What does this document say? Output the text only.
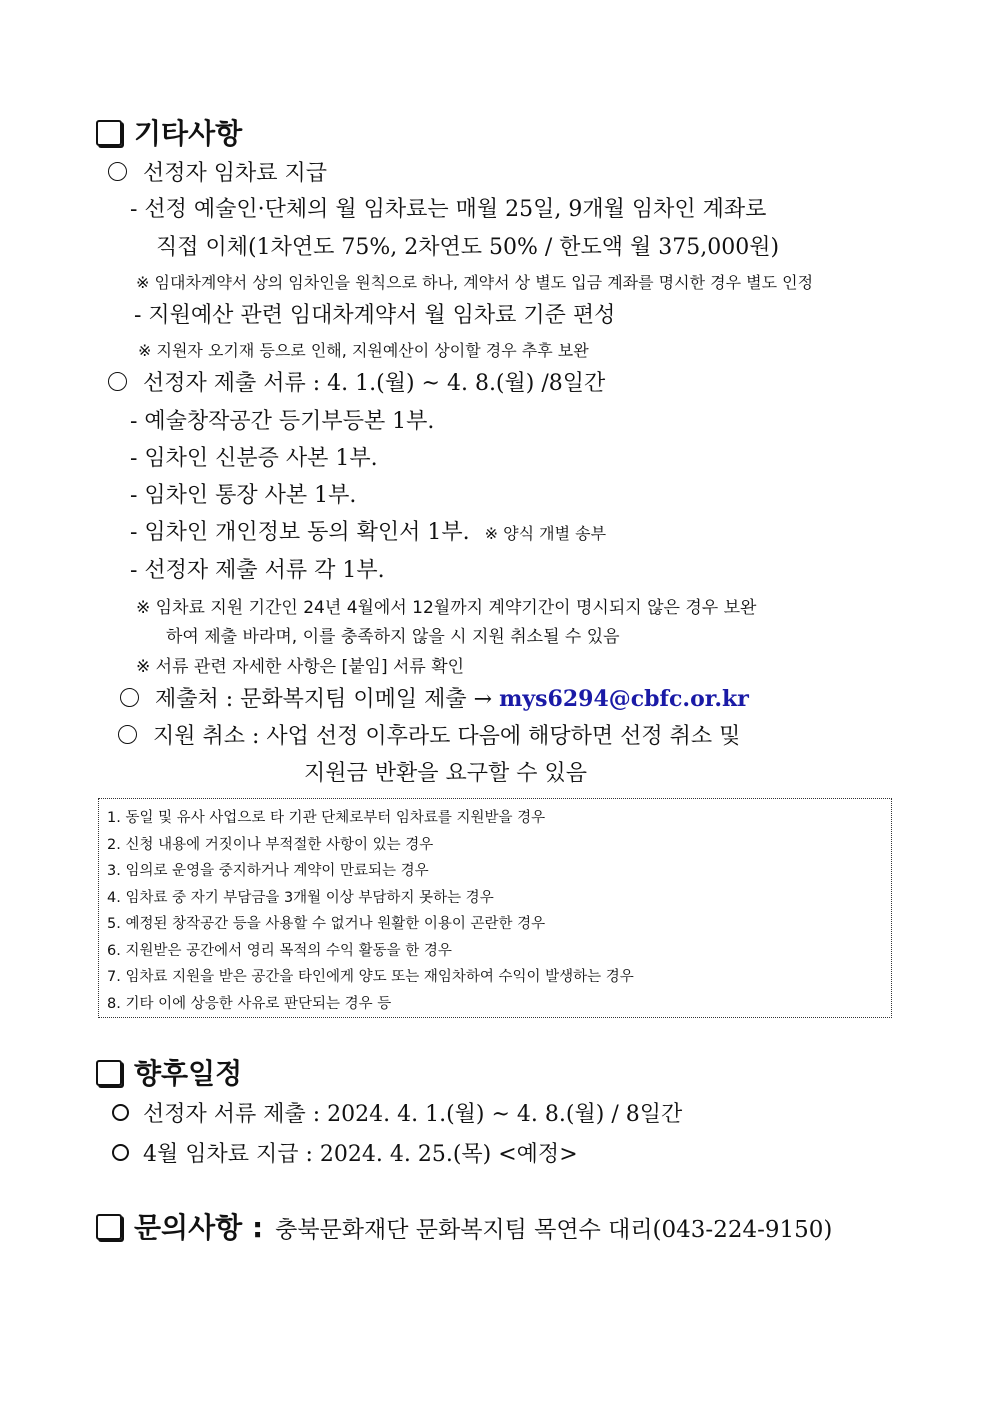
기타사항
선정자 임차료 지급
- 선정 예술인·단체의 월 임차료는 매월 25일, 9개월 임차인 계좌로
직접 이체(1차연도 75%, 2차연도 50% / 한도액 월 375,000원)
※ 임대차계약서 상의 임차인을 원칙으로 하나, 계약서 상 별도 입금 계좌를 명시한 경우 별도 인정
- 지원예산 관련 임대차계약서 월 임차료 기준 편성
※ 지원자 오기재 등으로 인해, 지원예산이 상이할 경우 추후 보완
선정자 제출 서류 : 4. 1.(월) ~ 4. 8.(월) /8일간
- 예술창작공간 등기부등본 1부.
- 임차인 신분증 사본 1부.
- 임차인 통장 사본 1부.
- 임차인 개인정보 동의 확인서 1부. ※ 양식 개별 송부
- 선정자 제출 서류 각 1부.
※ 임차료 지원 기간인 24년 4월에서 12월까지 계약기간이 명시되지 않은 경우 보완
하여 제출 바라며, 이를 충족하지 않을 시 지원 취소될 수 있음
※ 서류 관련 자세한 사항은 [붙임] 서류 확인
제출처 : 문화복지팀 이메일 제출 → mys6294@cbfc.or.kr
지원 취소 : 사업 선정 이후라도 다음에 해당하면 선정 취소 및
지원금 반환을 요구할 수 있음
1. 동일 및 유사 사업으로 타 기관 단체로부터 임차료를 지원받을 경우
2. 신청 내용에 거짓이나 부적절한 사항이 있는 경우
3. 임의로 운영을 중지하거나 계약이 만료되는 경우
4. 임차료 중 자기 부담금을 3개월 이상 부담하지 못하는 경우
5. 예정된 창작공간 등을 사용할 수 없거나 원활한 이용이 곤란한 경우
6. 지원받은 공간에서 영리 목적의 수익 활동을 한 경우
7. 임차료 지원을 받은 공간을 타인에게 양도 또는 재임차하여 수익이 발생하는 경우
8. 기타 이에 상응한 사유로 판단되는 경우 등
향후일정
선정자 서류 제출 : 2024. 4. 1.(월) ~ 4. 8.(월) / 8일간
4월 임차료 지급 : 2024. 4. 25.(목) <예정>
문의사항 : 충북문화재단 문화복지팀 목연수 대리(043-224-9150)
